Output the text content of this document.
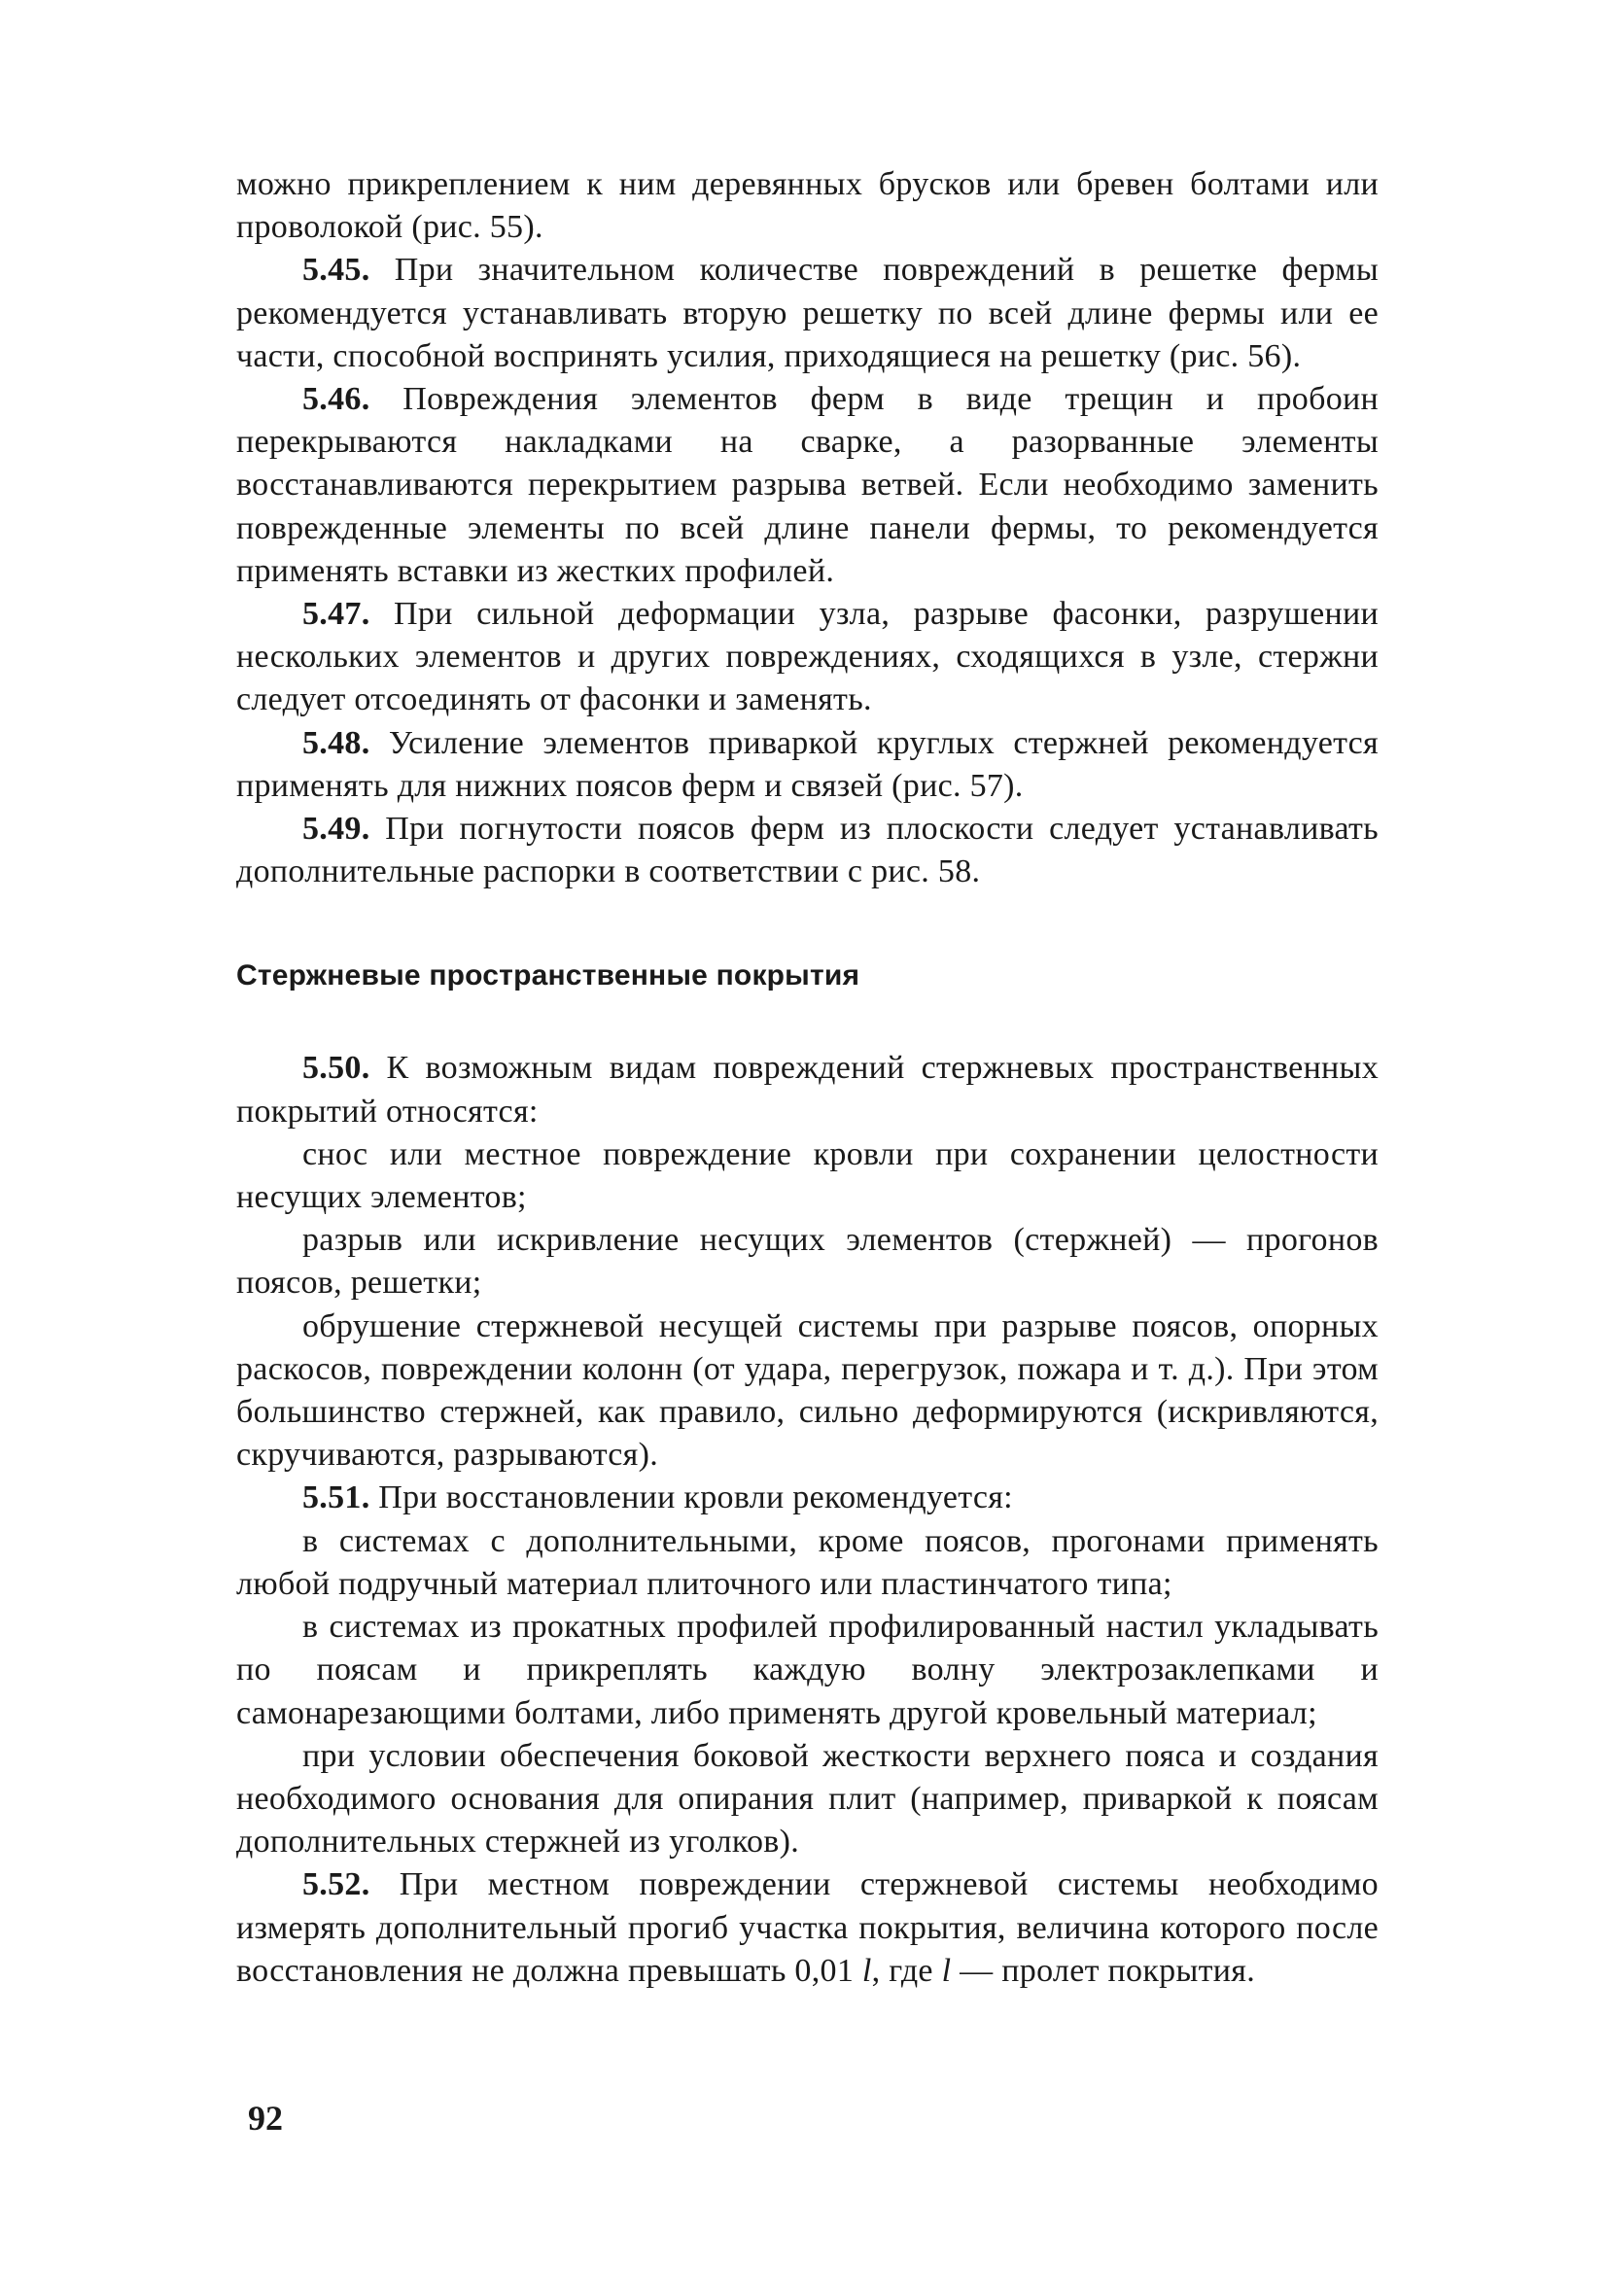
можно прикреплением к ним деревянных брусков или бревен болтами или проволокой (рис. 55).

5.45. При значительном количестве повреждений в решетке фермы рекомендуется устанавливать вторую решетку по всей длине фермы или ее части, способной воспринять усилия, приходящиеся на решетку (рис. 56).

5.46. Повреждения элементов ферм в виде трещин и пробоин перекрываются накладками на сварке, а разорванные элементы восстанавливаются перекрытием разрыва ветвей. Если необходимо заменить поврежденные элементы по всей длине панели фермы, то рекомендуется применять вставки из жестких профилей.

5.47. При сильной деформации узла, разрыве фасонки, разрушении нескольких элементов и других повреждениях, сходящихся в узле, стержни следует отсоединять от фасонки и заменять.

5.48. Усиление элементов приваркой круглых стержней рекомендуется применять для нижних поясов ферм и связей (рис. 57).

5.49. При погнутости поясов ферм из плоскости следует устанавливать дополнительные распорки в соответствии с рис. 58.

Стержневые пространственные покрытия

5.50. К возможным видам повреждений стержневых пространственных покрытий относятся:

снос или местное повреждение кровли при сохранении целостности несущих элементов;

разрыв или искривление несущих элементов (стержней) — прогонов поясов, решетки;

обрушение стержневой несущей системы при разрыве поясов, опорных раскосов, повреждении колонн (от удара, перегрузок, пожара и т. д.). При этом большинство стержней, как правило, сильно деформируются (искривляются, скручиваются, разрываются).

5.51. При восстановлении кровли рекомендуется:

в системах с дополнительными, кроме поясов, прогонами применять любой подручный материал плиточного или пластинчатого типа;

в системах из прокатных профилей профилированный настил укладывать по поясам и прикреплять каждую волну электрозаклепками и самонарезающими болтами, либо применять другой кровельный материал;

при условии обеспечения боковой жесткости верхнего пояса и создания необходимого основания для опирания плит (например, приваркой к поясам дополнительных стержней из уголков).

5.52. При местном повреждении стержневой системы необходимо измерять дополнительный прогиб участка покрытия, величина которого после восстановления не должна превышать 0,01 l, где l — пролет покрытия.

92
